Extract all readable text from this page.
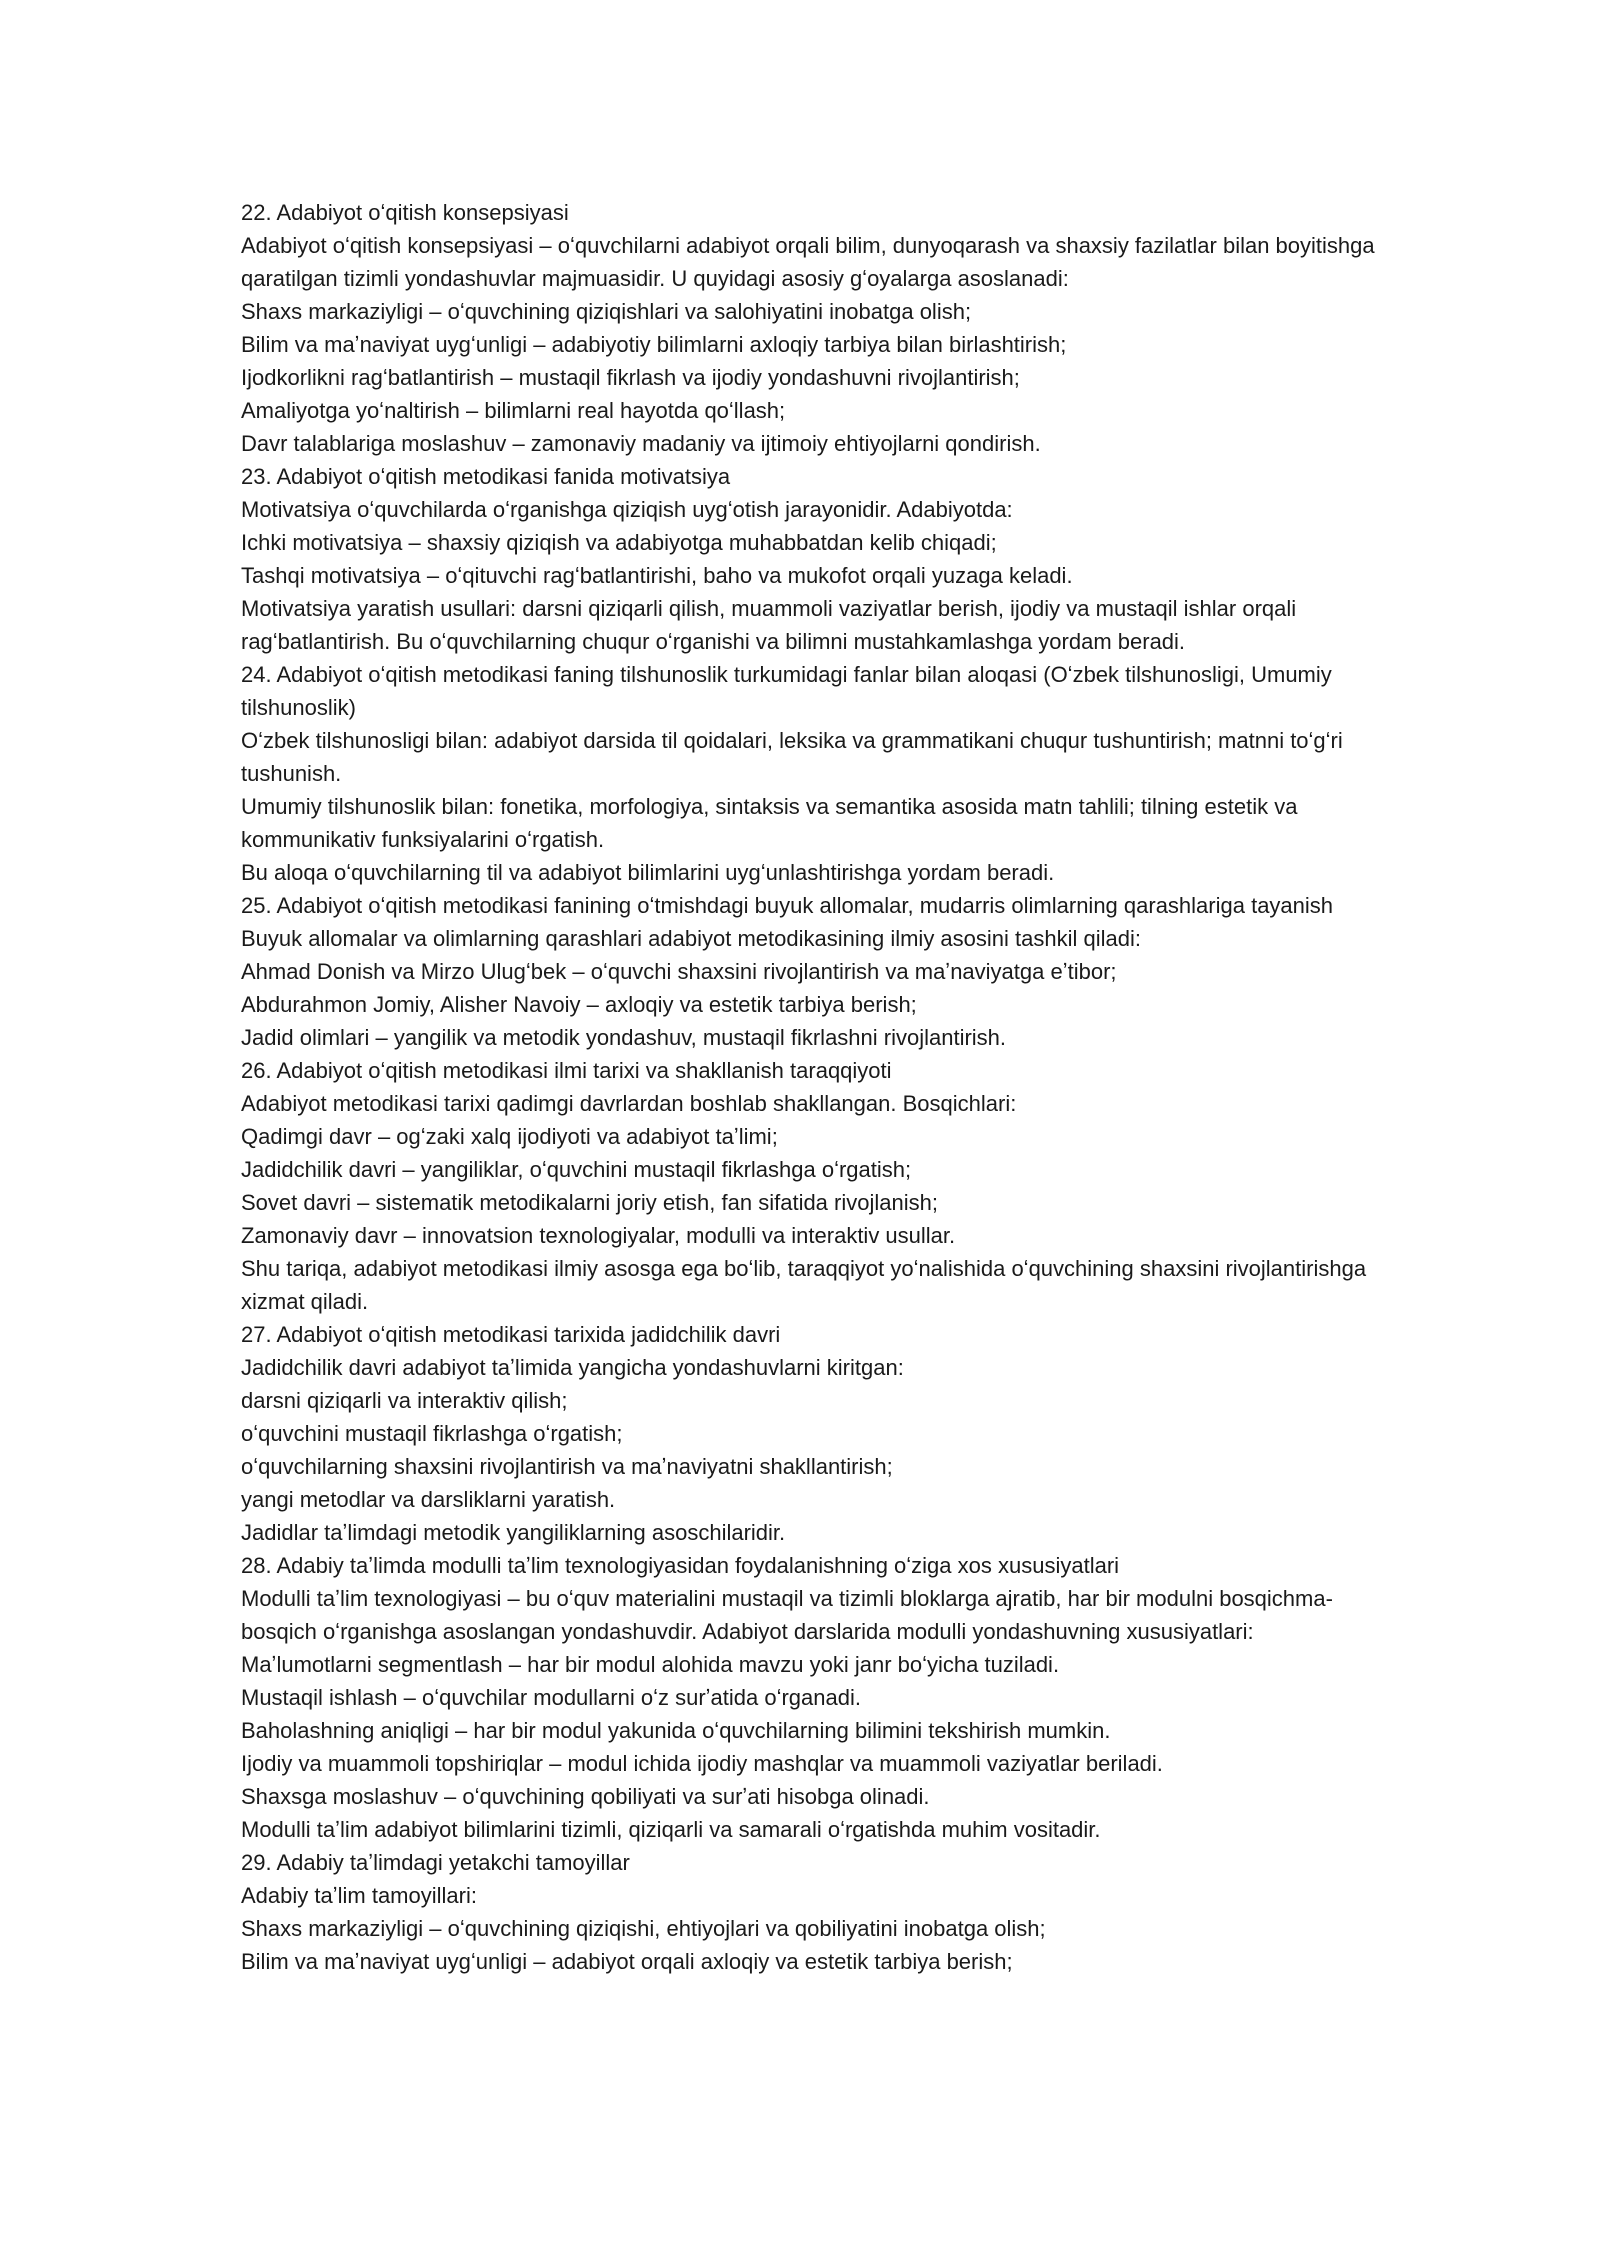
22. Adabiyot oʻqitish konsepsiyasi

Adabiyot oʻqitish konsepsiyasi – oʻquvchilarni adabiyot orqali bilim, dunyoqarash va shaxsiy fazilatlar bilan boyitishga qaratilgan tizimli yondashuvlar majmuasidir. U quyidagi asosiy gʻoyalarga asoslanadi:

Shaxs markaziyligi – oʻquvchining qiziqishlari va salohiyatini inobatga olish;

Bilim va maʼnaviyat uygʻunligi – adabiyotiy bilimlarni axloqiy tarbiya bilan birlashtirish;

Ijodkorlikni ragʻbatlantirish – mustaqil fikrlash va ijodiy yondashuvni rivojlantirish;

Amaliyotga yoʻnaltirish – bilimlarni real hayotda qoʻllash;

Davr talablariga moslashuv – zamonaviy madaniy va ijtimoiy ehtiyojlarni qondirish.

23. Adabiyot oʻqitish metodikasi fanida motivatsiya

Motivatsiya oʻquvchilarda oʻrganishga qiziqish uygʻotish jarayonidir. Adabiyotda:

Ichki motivatsiya – shaxsiy qiziqish va adabiyotga muhabbatdan kelib chiqadi;

Tashqi motivatsiya – oʻqituvchi ragʻbatlantirishi, baho va mukofot orqali yuzaga keladi.

Motivatsiya yaratish usullari: darsni qiziqarli qilish, muammoli vaziyatlar berish, ijodiy va mustaqil ishlar orqali ragʻbatlantirish. Bu oʻquvchilarning chuqur oʻrganishi va bilimni mustahkamlashga yordam beradi.

24. Adabiyot oʻqitish metodikasi faning tilshunoslik turkumidagi fanlar bilan aloqasi (Oʻzbek tilshunosligi, Umumiy tilshunoslik)

Oʻzbek tilshunosligi bilan: adabiyot darsida til qoidalari, leksika va grammatikani chuqur tushuntirish; matnni toʻgʻri tushunish.

Umumiy tilshunoslik bilan: fonetika, morfologiya, sintaksis va semantika asosida matn tahlili; tilning estetik va kommunikativ funksiyalarini oʻrgatish.

Bu aloqa oʻquvchilarning til va adabiyot bilimlarini uygʻunlashtirishga yordam beradi.

25. Adabiyot oʻqitish metodikasi fanining oʻtmishdagi buyuk allomalar, mudarris olimlarning qarashlariga tayanish

Buyuk allomalar va olimlarning qarashlari adabiyot metodikasining ilmiy asosini tashkil qiladi:

Ahmad Donish va Mirzo Ulugʻbek – oʻquvchi shaxsini rivojlantirish va maʼnaviyatga eʼtibor;

Abdurahmon Jomiy, Alisher Navoiy – axloqiy va estetik tarbiya berish;

Jadid olimlari – yangilik va metodik yondashuv, mustaqil fikrlashni rivojlantirish.

26. Adabiyot oʻqitish metodikasi ilmi tarixi va shakllanish taraqqiyoti

Adabiyot metodikasi tarixi qadimgi davrlardan boshlab shakllangan. Bosqichlari:

Qadimgi davr – ogʻzaki xalq ijodiyoti va adabiyot taʼlimi;

Jadidchilik davri – yangiliklar, oʻquvchini mustaqil fikrlashga oʻrgatish;

Sovet davri – sistematik metodikalarni joriy etish, fan sifatida rivojlanish;

Zamonaviy davr – innovatsion texnologiyalar, modulli va interaktiv usullar.

Shu tariqa, adabiyot metodikasi ilmiy asosga ega boʻlib, taraqqiyot yoʻnalishida oʻquvchining shaxsini rivojlantirishga xizmat qiladi.

27. Adabiyot oʻqitish metodikasi tarixida jadidchilik davri

Jadidchilik davri adabiyot taʼlimida yangicha yondashuvlarni kiritgan:

darsni qiziqarli va interaktiv qilish;

oʻquvchini mustaqil fikrlashga oʻrgatish;

oʻquvchilarning shaxsini rivojlantirish va maʼnaviyatni shakllantirish;

yangi metodlar va darsliklarni yaratish.

Jadidlar taʼlimdagi metodik yangiliklarning asoschilaridir.

28. Adabiy taʼlimda modulli taʼlim texnologiyasidan foydalanishning oʻziga xos xususiyatlari

Modulli taʼlim texnologiyasi – bu oʻquv materialini mustaqil va tizimli bloklarga ajratib, har bir modulni bosqichma-bosqich oʻrganishga asoslangan yondashuvdir. Adabiyot darslarida modulli yondashuvning xususiyatlari:

Maʼlumotlarni segmentlash – har bir modul alohida mavzu yoki janr boʻyicha tuziladi.

Mustaqil ishlash – oʻquvchilar modullarni oʻz surʼatida oʻrganadi.

Baholashning aniqligi – har bir modul yakunida oʻquvchilarning bilimini tekshirish mumkin.

Ijodiy va muammoli topshiriqlar – modul ichida ijodiy mashqlar va muammoli vaziyatlar beriladi.

Shaxsga moslashuv – oʻquvchining qobiliyati va surʼati hisobga olinadi.

Modulli taʼlim adabiyot bilimlarini tizimli, qiziqarli va samarali oʻrgatishda muhim vositadir.

29. Adabiy taʼlimdagi yetakchi tamoyillar

Adabiy taʼlim tamoyillari:

Shaxs markaziyligi – oʻquvchining qiziqishi, ehtiyojlari va qobiliyatini inobatga olish;

Bilim va maʼnaviyat uygʻunligi – adabiyot orqali axloqiy va estetik tarbiya berish;
